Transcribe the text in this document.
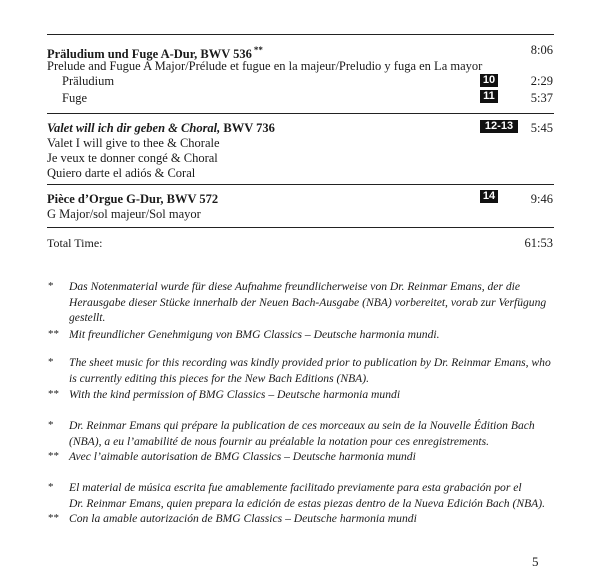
Präludium und Fuge A-Dur, BWV 536 **	8:06
Prelude and Fugue A Major/Prélude et fugue en la majeur/Preludio y fuga en La mayor
Präludium	10	2:29
Fuge	11	5:37
Valet will ich dir geben & Choral, BWV 736	12-13	5:45
Valet I will give to thee & Chorale
Je veux te donner congé & Choral
Quiero darte el adiós & Coral
Pièce d’Orgue G-Dur, BWV 572	14	9:46
G Major/sol majeur/Sol mayor
Total Time:	61:53
* Das Notenmaterial wurde für diese Aufnahme freundlicherweise von Dr. Reinmar Emans, der die
Herausgabe dieser Stücke innerhalb der Neuen Bach-Ausgabe (NBA) vorbereitet, vorab zur Verfügung
gestellt.
** Mit freundlicher Genehmigung von BMG Classics – Deutsche harmonia mundi.
* The sheet music for this recording was kindly provided prior to publication by Dr. Reinmar Emans, who
is currently editing this pieces for the New Bach Editions (NBA).
** With the kind permission of BMG Classics – Deutsche harmonia mundi
* Dr. Reinmar Emans qui prépare la publication de ces morceaux au sein de la Nouvelle Édition Bach
(NBA), a eu l’amabilité de nous fournir au préalable la notation pour ces enregistrements.
** Avec l’aimable autorisation de BMG Classics – Deutsche harmonia mundi
* El material de música escrita fue amablemente facilitado previamente para esta grabación por el
Dr. Reinmar Emans, quien prepara la edición de estas piezas dentro de la Nueva Edición Bach (NBA).
** Con la amable autorización de BMG Classics – Deutsche harmonia mundi
5
